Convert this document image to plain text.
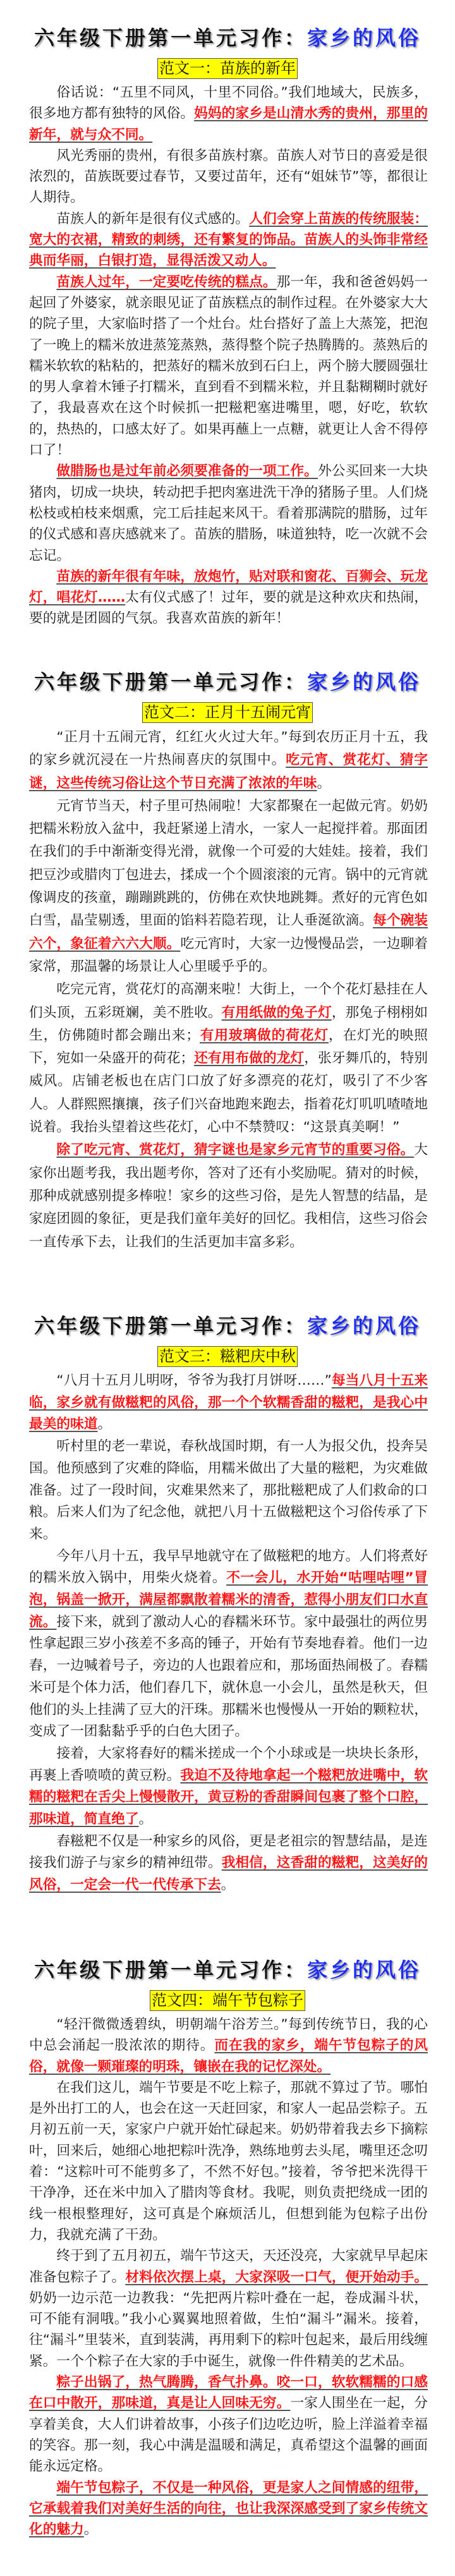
六年级下册第一单元习作：家乡的风俗
范文一：苗族的新年

俗话说：“五里不同风，十里不同俗。”我们地域大，民族多，很多地方都有独特的风俗。妈妈的家乡是山清水秀的贵州，那里的新年，就与众不同。

风光秀丽的贵州，有很多苗族村寨。苗族人对节日的喜爱是很浓烈的，苗族既要过春节，又要过苗年，还有“姐妹节”等，都很让人期待。

苗族人的新年是很有仪式感的。人们会穿上苗族的传统服装：宽大的衣裙，精致的刺绣，还有繁复的饰品。苗族人的头饰非常经典而华丽，白银打造，显得活泼又动人。

苗族人过年，一定要吃传统的糕点。那一年，我和爸爸妈妈一起回了外婆家，就亲眼见证了苗族糕点的制作过程。在外婆家大大的院子里，大家临时搭了一个灶台。灶台搭好了盖上大蒸笼，把泡了一晚上的糯米放进蒸笼蒸熟，蒸得整个院子热腾腾的。蒸熟后的糯米软软的粘粘的，把蒸好的糯米放到石臼上，两个膀大腰圆强壮的男人拿着木锤子打糯米，直到看不到糯米粒，并且黏糊糊时就好了，我最喜欢在这个时候抓一把糍粑塞进嘴里，嗯，好吃，软软的，热热的，口感太好了。如果再蘸上一点糖，就更让人舍不得停口了！

做腊肠也是过年前必须要准备的一项工作。外公买回来一大块猪肉，切成一块块，转动把手把肉塞进洗干净的猪肠子里。人们烧松枝或柏枝来烟熏，完工后挂起来风干。看着那满院的腊肠，过年的仪式感和喜庆感就来了。苗族的腊肠，味道独特，吃一次就不会忘记。

苗族的新年很有年味，放炮竹，贴对联和窗花、百狮会、玩龙灯，唱花灯……太有仪式感了！过年，要的就是这种欢庆和热闹，要的就是团圆的气氛。我喜欢苗族的新年！

六年级下册第一单元习作：家乡的风俗
范文二：正月十五闹元宵

“正月十五闹元宵，红红火火过大年。”每到农历正月十五，我的家乡就沉浸在一片热闹喜庆的氛围中。吃元宵、赏花灯、猜字谜，这些传统习俗让这个节日充满了浓浓的年味。

元宵节当天，村子里可热闹啦！大家都聚在一起做元宵。奶奶把糯米粉放入盆中，我赶紧递上清水，一家人一起搅拌着。那面团在我们的手中渐渐变得光滑，就像一个可爱的大娃娃。接着，我们把豆沙或腊肉丁包进去，揉成一个个圆滚滚的元宵。锅中的元宵就像调皮的孩童，蹦蹦跳跳的，仿佛在欢快地跳舞。煮好的元宵色如白雪，晶莹剔透，里面的馅料若隐若现，让人垂涎欲滴。每个碗装六个，象征着六六大顺。吃元宵时，大家一边慢慢品尝，一边聊着家常，那温馨的场景让人心里暖乎乎的。

吃完元宵，赏花灯的高潮来啦！大街上，一个个花灯悬挂在人们头顶，五彩斑斓，美不胜收。有用纸做的兔子灯，那兔子栩栩如生，仿佛随时都会蹦出来；有用玻璃做的荷花灯，在灯光的映照下，宛如一朵盛开的荷花；还有用布做的龙灯，张牙舞爪的，特别威风。店铺老板也在店门口放了好多漂亮的花灯，吸引了不少客人。人群熙熙攘攘，孩子们兴奋地跑来跑去，指着花灯叽叽喳喳地说着。我抬头望着这些花灯，心中不禁赞叹：“这景真美啊！”

除了吃元宵、赏花灯，猜字谜也是家乡元宵节的重要习俗。大家你出题考我，我出题考你，答对了还有小奖励呢。猜对的时候，那种成就感别提多棒啦！家乡的这些习俗，是先人智慧的结晶，是家庭团圆的象征，更是我们童年美好的回忆。我相信，这些习俗会一直传承下去，让我们的生活更加丰富多彩。

六年级下册第一单元习作：家乡的风俗
范文三：糍粑庆中秋

“八月十五月儿明呀，爷爷为我打月饼呀……”每当八月十五来临，家乡就有做糍粑的风俗，那一个个软糯香甜的糍粑，是我心中最美的味道。

听村里的老一辈说，春秋战国时期，有一人为报父仇，投奔吴国。他预感到了灾难的降临，用糯米做出了大量的糍粑，为灾难做准备。过了一段时间，灾难果然来了，那批糍粑成了人们救命的口粮。后来人们为了纪念他，就把八月十五做糍粑这个习俗传承了下来。

今年八月十五，我早早地就守在了做糍粑的地方。人们将煮好的糯米放入锅中，用柴火烧着。不一会儿，水开始“咕哩咕哩”冒泡，锅盖一掀开，满屋都飘散着糯米的清香，惹得小朋友们口水直流。接下来，就到了激动人心的舂糯米环节。家中最强壮的两位男性拿起跟三岁小孩差不多高的锤子，开始有节奏地舂着。他们一边舂，一边喊着号子，旁边的人也跟着应和，那场面热闹极了。舂糯米可是个体力活，他们舂几下，就休息一小会儿，虽然是秋天，但他们的头上挂满了豆大的汗珠。那糯米也慢慢从一开始的颗粒状，变成了一团黏黏乎乎的白色大团子。

接着，大家将舂好的糯米搓成一个个小球或是一块块长条形，再裹上香喷喷的黄豆粉。我迫不及待地拿起一个糍粑放进嘴中，软糯的糍粑在舌尖上慢慢散开，黄豆粉的香甜瞬间包裹了整个口腔，那味道，简直绝了。

舂糍粑不仅是一种家乡的风俗，更是老祖宗的智慧结晶，是连接我们游子与家乡的精神纽带。我相信，这香甜的糍粑，这美好的风俗，一定会一代一代传承下去。

六年级下册第一单元习作：家乡的风俗
范文四：端午节包粽子

“轻汗微微透碧纨，明朝端午浴芳兰。”每到传统节日，我的心中总会涌起一股浓浓的期待。而在我的家乡，端午节包粽子的风俗，就像一颗璀璨的明珠，镶嵌在我的记忆深处。

在我们这儿，端午节要是不吃上粽子，那就不算过了节。哪怕是外出打工的人，也会在这一天赶回家，和家人一起品尝粽子。五月初五前一天，家家户户就开始忙碌起来。奶奶带着我去乡下摘粽叶，回来后，她细心地把粽叶洗净，熟练地剪去头尾，嘴里还念叨着：“这粽叶可不能剪多了，不然不好包。”接着，爷爷把米洗得干干净净，还在米中加入了腊肉等食材。我呢，则负责把绕成一团的线一根根整理好，这可真是个麻烦活儿，但想到能为包粽子出份力，我就充满了干劲。

终于到了五月初五，端午节这天，天还没亮，大家就早早起床准备包粽子了。材料依次摆上桌，大家深吸一口气，便开始动手。奶奶一边示范一边教我：“先把两片粽叶叠在一起，卷成漏斗状，可不能有洞哦。”我小心翼翼地照着做，生怕“漏斗”漏米。接着，往“漏斗”里装米，直到装满，再用剩下的粽叶包起来，最后用线缠紧。一个个粽子在大家的手中诞生，就像一件件精美的艺术品。

粽子出锅了，热气腾腾，香气扑鼻。咬一口，软软糯糯的口感在口中散开，那味道，真是让人回味无穷。一家人围坐在一起，分享着美食，大人们讲着故事，小孩子们边吃边听，脸上洋溢着幸福的笑容。那一刻，我心中满是温暖和满足，真希望这个温馨的画面能永远定格。

端午节包粽子，不仅是一种风俗，更是家人之间情感的纽带，它承载着我们对美好生活的向往，也让我深深感受到了家乡传统文化的魅力。
